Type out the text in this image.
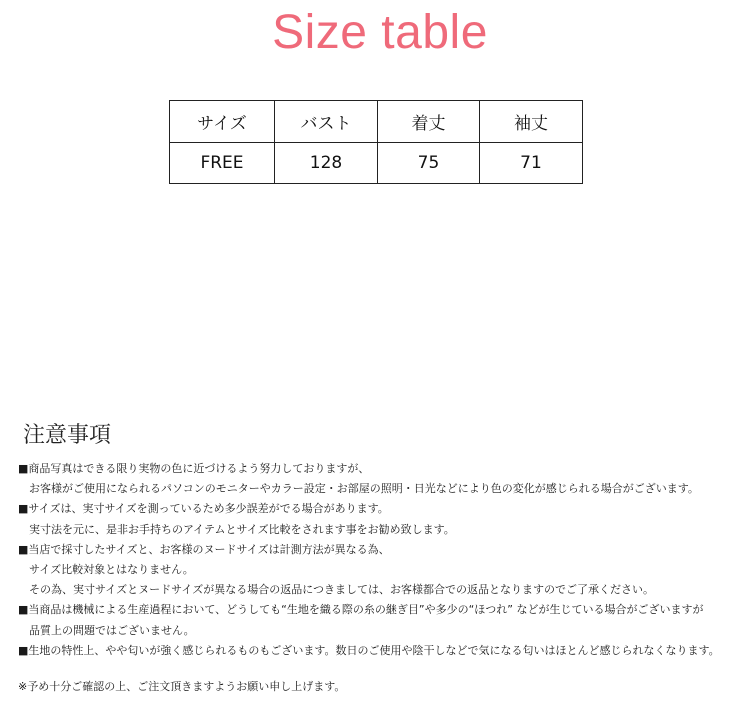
Size table
サイズ	バスト	着丈	袖丈
FREE	128	75	71
注意事項
■商品写真はできる限り実物の色に近づけるよう努力しておりますが、
　お客様がご使用になられるパソコンのモニターやカラー設定・お部屋の照明・日光などにより色の変化が感じられる場合がございます。
■サイズは、実寸サイズを測っているため多少誤差がでる場合があります。
　実寸法を元に、是非お手持ちのアイテムとサイズ比較をされます事をお勧め致します。
■当店で採寸したサイズと、お客様のヌードサイズは計測方法が異なる為、
　サイズ比較対象とはなりません。
　その為、実寸サイズとヌードサイズが異なる場合の返品につきましては、お客様都合での返品となりますのでご了承ください。
■当商品は機械による生産過程において、どうしても“生地を織る際の糸の継ぎ目”や多少の“ほつれ” などが生じている場合がございますが
　品質上の問題ではございません。
■生地の特性上、やや匂いが強く感じられるものもございます。数日のご使用や陰干しなどで気になる匂いはほとんど感じられなくなります。
※予め十分ご確認の上、ご注文頂きますようお願い申し上げます。
